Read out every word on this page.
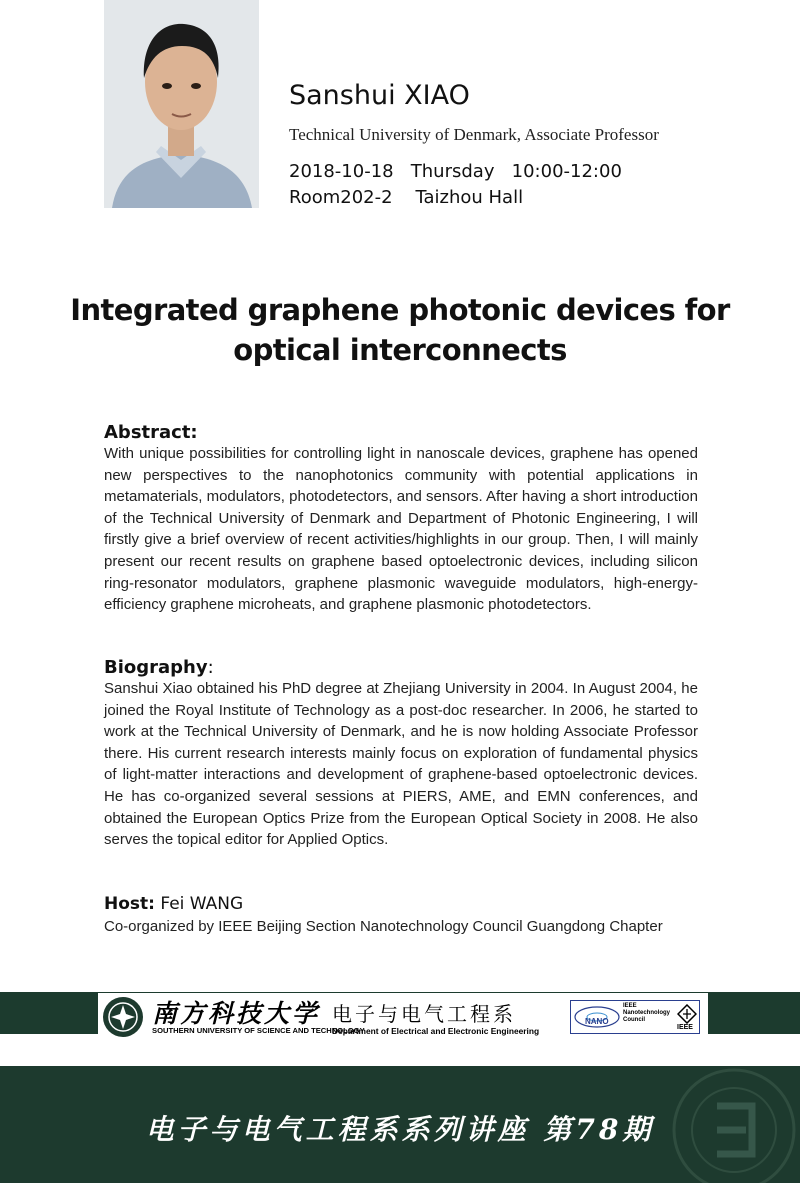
Sanshui XIAO
Technical University of Denmark, Associate Professor
2018-10-18 Thursday 10:00-12:00
Room202-2 Taizhou Hall
Integrated graphene photonic devices for
optical interconnects
Abstract:
With unique possibilities for controlling light in nanoscale devices, graphene has opened new perspectives to the nanophotonics community with potential applications in metamaterials, modulators, photodetectors, and sensors. After having a short introduction of the Technical University of Denmark and Department of Photonic Engineering, I will firstly give a brief overview of recent activities/highlights in our group. Then, I will mainly present our recent results on graphene based optoelectronic devices, including silicon ring-resonator modulators, graphene plasmonic waveguide modulators, high-energy-efficiency graphene microheats, and graphene plasmonic photodetectors.
Biography:
Sanshui Xiao obtained his PhD degree at Zhejiang University in 2004. In August 2004, he joined the Royal Institute of Technology as a post-doc researcher. In 2006, he started to work at the Technical University of Denmark, and he is now holding Associate Professor there. His current research interests mainly focus on exploration of fundamental physics of light-matter interactions and development of graphene-based optoelectronic devices. He has co-organized several sessions at PIERS, AME, and EMN conferences, and obtained the European Optics Prize from the European Optical Society in 2008. He also serves the topical editor for Applied Optics.
Host: Fei WANG
Co-organized by IEEE Beijing Section Nanotechnology Council Guangdong Chapter
南方科技大学
SOUTHERN UNIVERSITY OF SCIENCE AND TECHNOLOGY
电子与电气工程系
Department of Electrical and Electronic Engineering
NANO
IEEE Nanotechnology Council
IEEE
电子与电气工程系系列讲座 第78期
